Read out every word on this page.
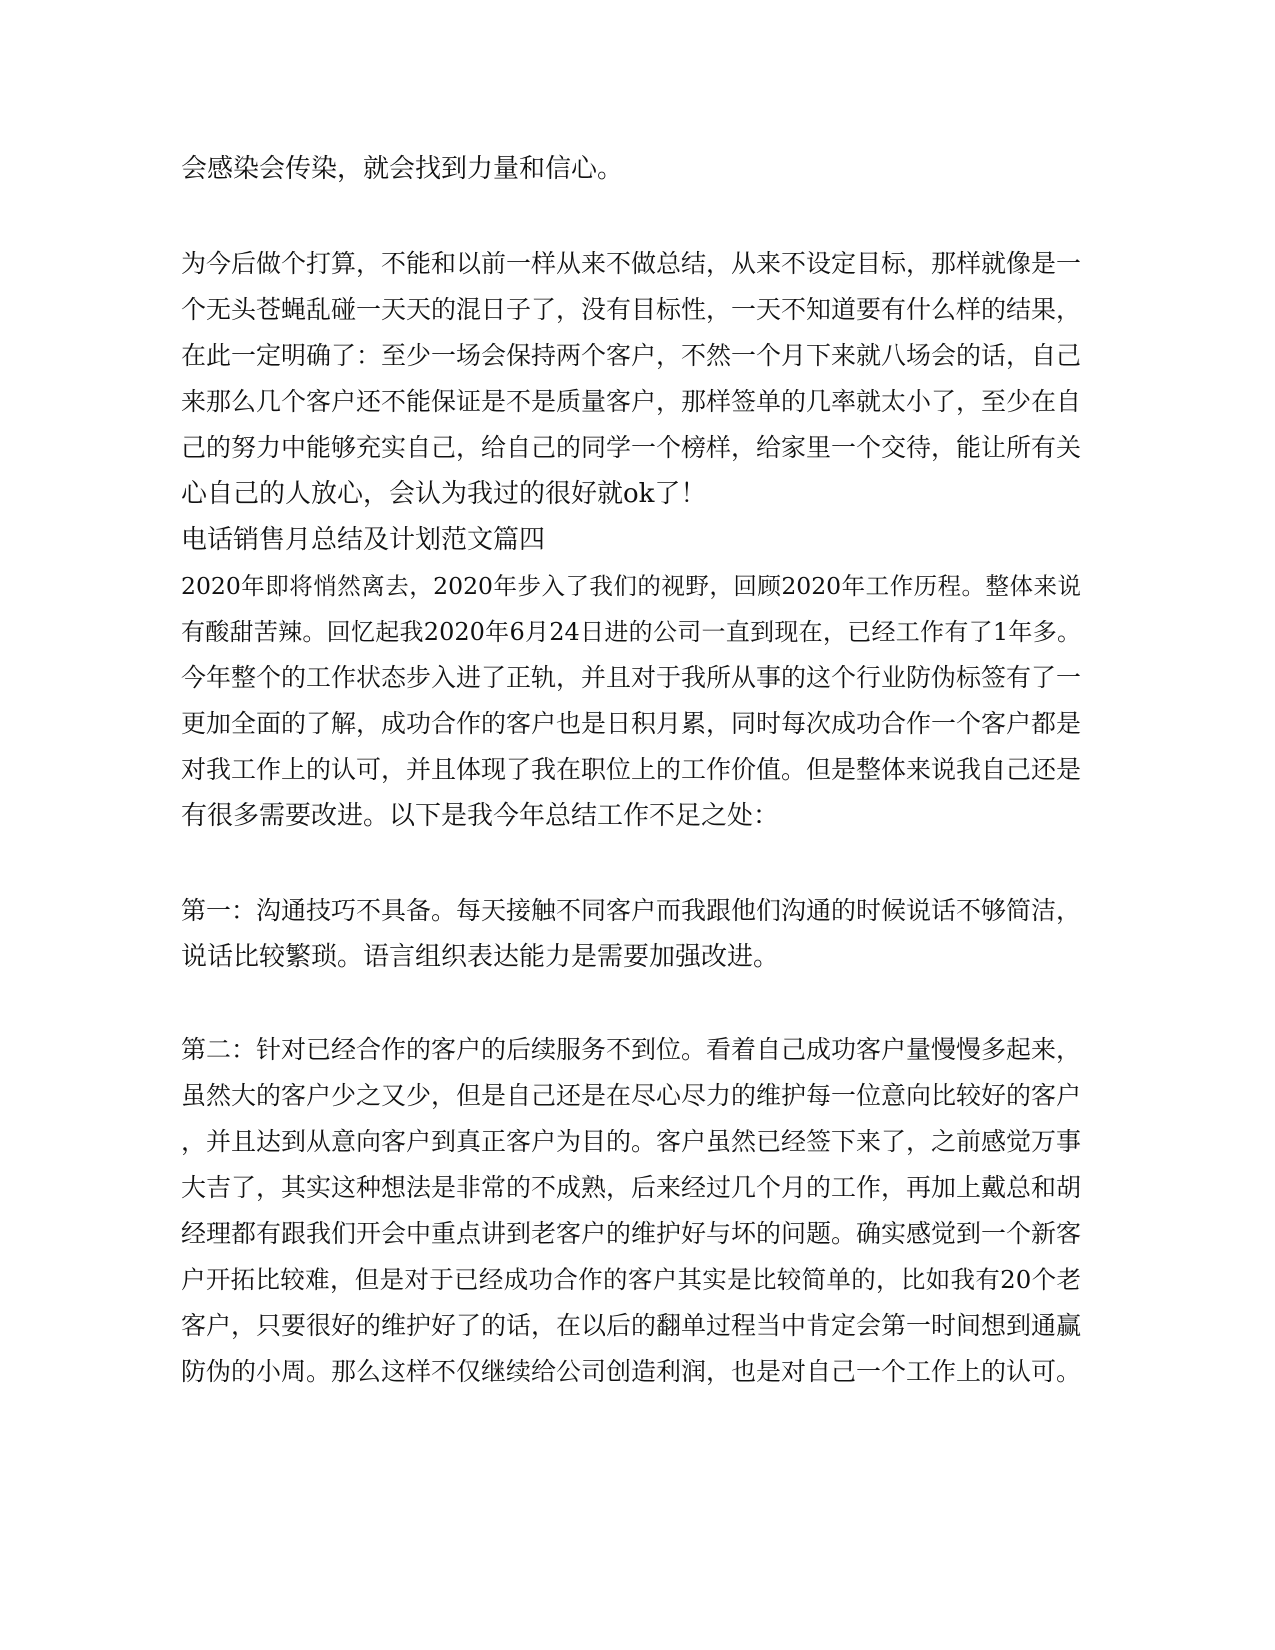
会感染会传染，就会找到力量和信心。
为今后做个打算，不能和以前一样从来不做总结，从来不设定目标，那样就像是一
个无头苍蝇乱碰一天天的混日子了，没有目标性，一天不知道要有什么样的结果，
在此一定明确了：至少一场会保持两个客户，不然一个月下来就八场会的话，自己
来那么几个客户还不能保证是不是质量客户，那样签单的几率就太小了，至少在自
己的努力中能够充实自己，给自己的同学一个榜样，给家里一个交待，能让所有关
心自己的人放心，会认为我过的很好就ok了！
电话销售月总结及计划范文篇四
2020年即将悄然离去，2020年步入了我们的视野，回顾2020年工作历程。整体来说
有酸甜苦辣。回忆起我2020年6月24日进的公司一直到现在，已经工作有了1年多。
今年整个的工作状态步入进了正轨，并且对于我所从事的这个行业防伪标签有了一
更加全面的了解，成功合作的客户也是日积月累，同时每次成功合作一个客户都是
对我工作上的认可，并且体现了我在职位上的工作价值。但是整体来说我自己还是
有很多需要改进。以下是我今年总结工作不足之处：
第一：沟通技巧不具备。每天接触不同客户而我跟他们沟通的时候说话不够简洁，
说话比较繁琐。语言组织表达能力是需要加强改进。
第二：针对已经合作的客户的后续服务不到位。看着自己成功客户量慢慢多起来，
虽然大的客户少之又少，但是自己还是在尽心尽力的维护每一位意向比较好的客户
，并且达到从意向客户到真正客户为目的。客户虽然已经签下来了，之前感觉万事
大吉了，其实这种想法是非常的不成熟，后来经过几个月的工作，再加上戴总和胡
经理都有跟我们开会中重点讲到老客户的维护好与坏的问题。确实感觉到一个新客
户开拓比较难，但是对于已经成功合作的客户其实是比较简单的，比如我有20个老
客户，只要很好的维护好了的话，在以后的翻单过程当中肯定会第一时间想到通赢
防伪的小周。那么这样不仅继续给公司创造利润，也是对自己一个工作上的认可。
